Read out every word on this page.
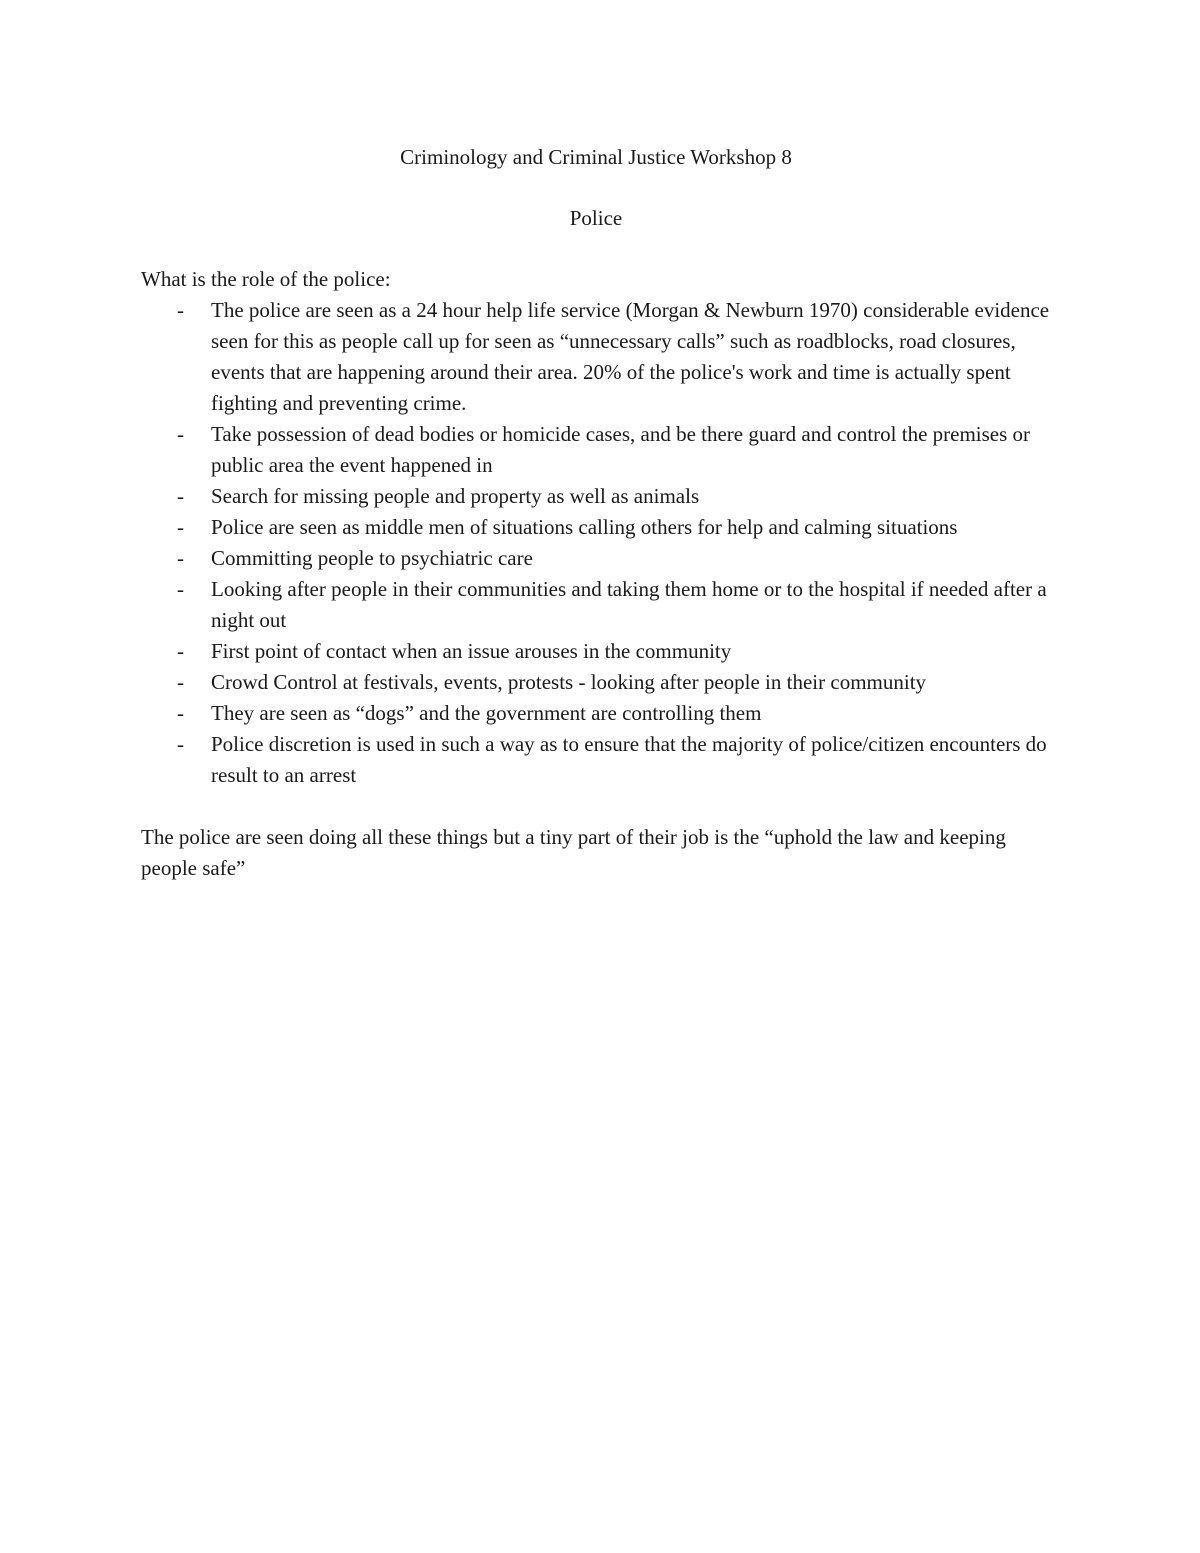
Criminology and Criminal Justice Workshop 8

Police

What is the role of the police:

- The police are seen as a 24 hour help life service (Morgan & Newburn 1970) considerable evidence seen for this as people call up for seen as “unnecessary calls” such as roadblocks, road closures, events that are happening around their area. 20% of the police's work and time is actually spent fighting and preventing crime.
- Take possession of dead bodies or homicide cases, and be there guard and control the premises or public area the event happened in
- Search for missing people and property as well as animals
- Police are seen as middle men of situations calling others for help and calming situations
- Committing people to psychiatric care
- Looking after people in their communities and taking them home or to the hospital if needed after a night out
- First point of contact when an issue arouses in the community
- Crowd Control at festivals, events, protests - looking after people in their community
- They are seen as “dogs” and the government are controlling them
- Police discretion is used in such a way as to ensure that the majority of police/citizen encounters do result to an arrest

The police are seen doing all these things but a tiny part of their job is the “uphold the law and keeping people safe”
